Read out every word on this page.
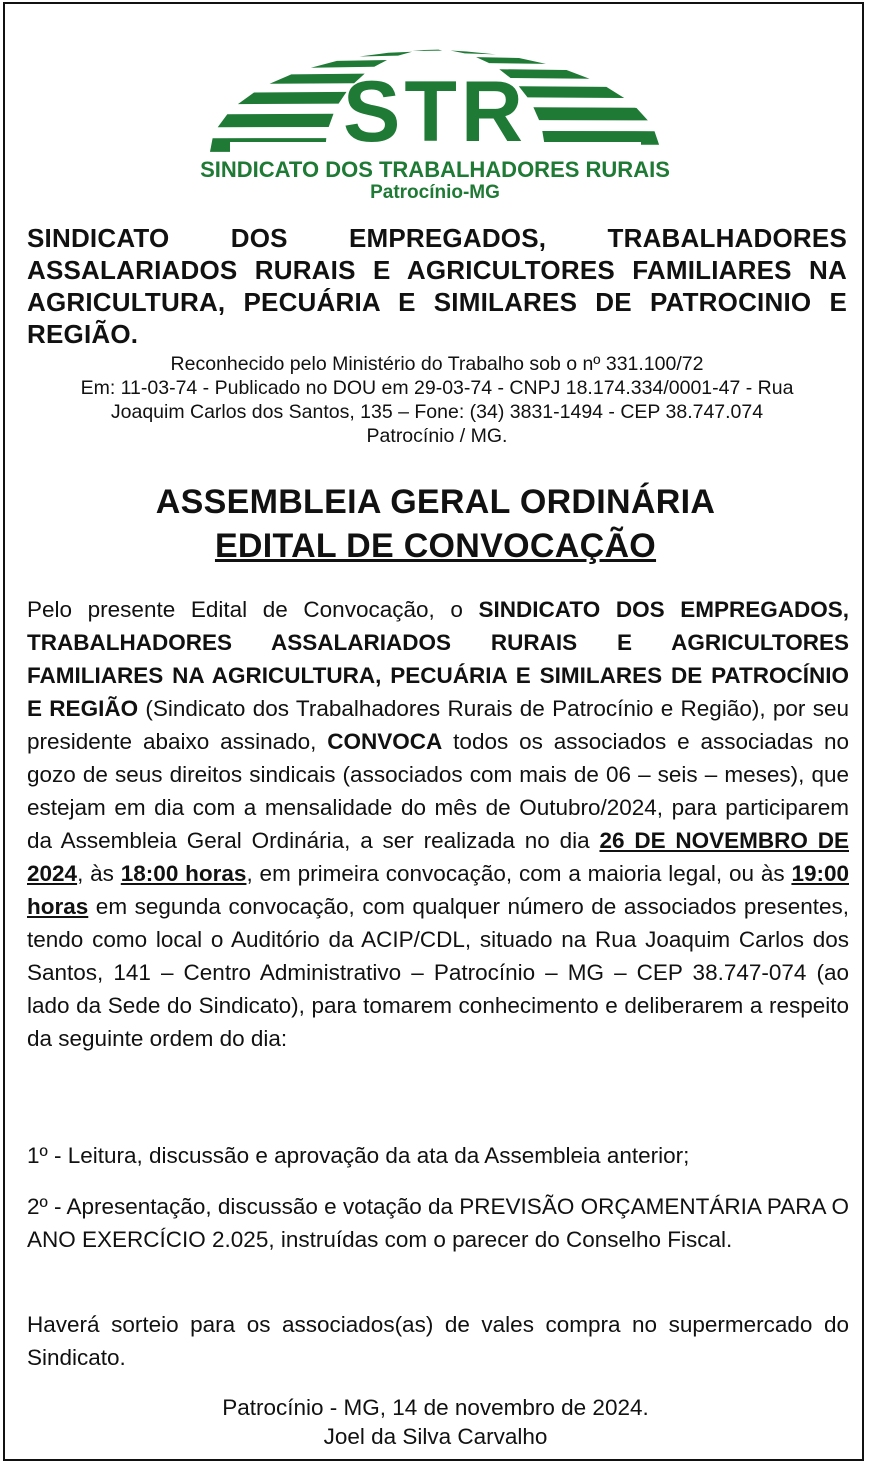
STR
SINDICATO DOS TRABALHADORES RURAIS
Patrocínio-MG
SINDICATO DOS EMPREGADOS, TRABALHADORES ASSALARIADOS RURAIS E AGRICULTORES FAMILIARES NA AGRICULTURA, PECUÁRIA E SIMILARES DE PATROCINIO E REGIÃO.
Reconhecido pelo Ministério do Trabalho sob o nº 331.100/72
Em: 11-03-74 - Publicado no DOU em 29-03-74 - CNPJ 18.174.334/0001-47 - Rua
Joaquim Carlos dos Santos, 135 – Fone: (34) 3831-1494 - CEP 38.747.074
Patrocínio / MG.
ASSEMBLEIA GERAL ORDINÁRIA
EDITAL DE CONVOCAÇÃO
Pelo presente Edital de Convocação, o SINDICATO DOS EMPREGADOS, TRABALHADORES ASSALARIADOS RURAIS E AGRICULTORES FAMILIARES NA AGRICULTURA, PECUÁRIA E SIMILARES DE PATROCÍNIO E REGIÃO (Sindicato dos Trabalhadores Rurais de Patrocínio e Região), por seu presidente abaixo assinado, CONVOCA todos os associados e associadas no gozo de seus direitos sindicais (associados com mais de 06 – seis – meses), que estejam em dia com a mensalidade do mês de Outubro/2024, para participarem da Assembleia Geral Ordinária, a ser realizada no dia 26 DE NOVEMBRO DE 2024, às 18:00 horas, em primeira convocação, com a maioria legal, ou às 19:00 horas em segunda convocação, com qualquer número de associados presentes, tendo como local o Auditório da ACIP/CDL, situado na Rua Joaquim Carlos dos Santos, 141 – Centro Administrativo – Patrocínio – MG – CEP 38.747-074 (ao lado da Sede do Sindicato), para tomarem conhecimento e deliberarem a respeito da seguinte ordem do dia:
1º - Leitura, discussão e aprovação da ata da Assembleia anterior;
2º - Apresentação, discussão e votação da PREVISÃO ORÇAMENTÁRIA PARA O ANO EXERCÍCIO 2.025, instruídas com o parecer do Conselho Fiscal.
Haverá sorteio para os associados(as) de vales compra no supermercado do Sindicato.
Patrocínio - MG, 14 de novembro de 2024.
Joel da Silva Carvalho
